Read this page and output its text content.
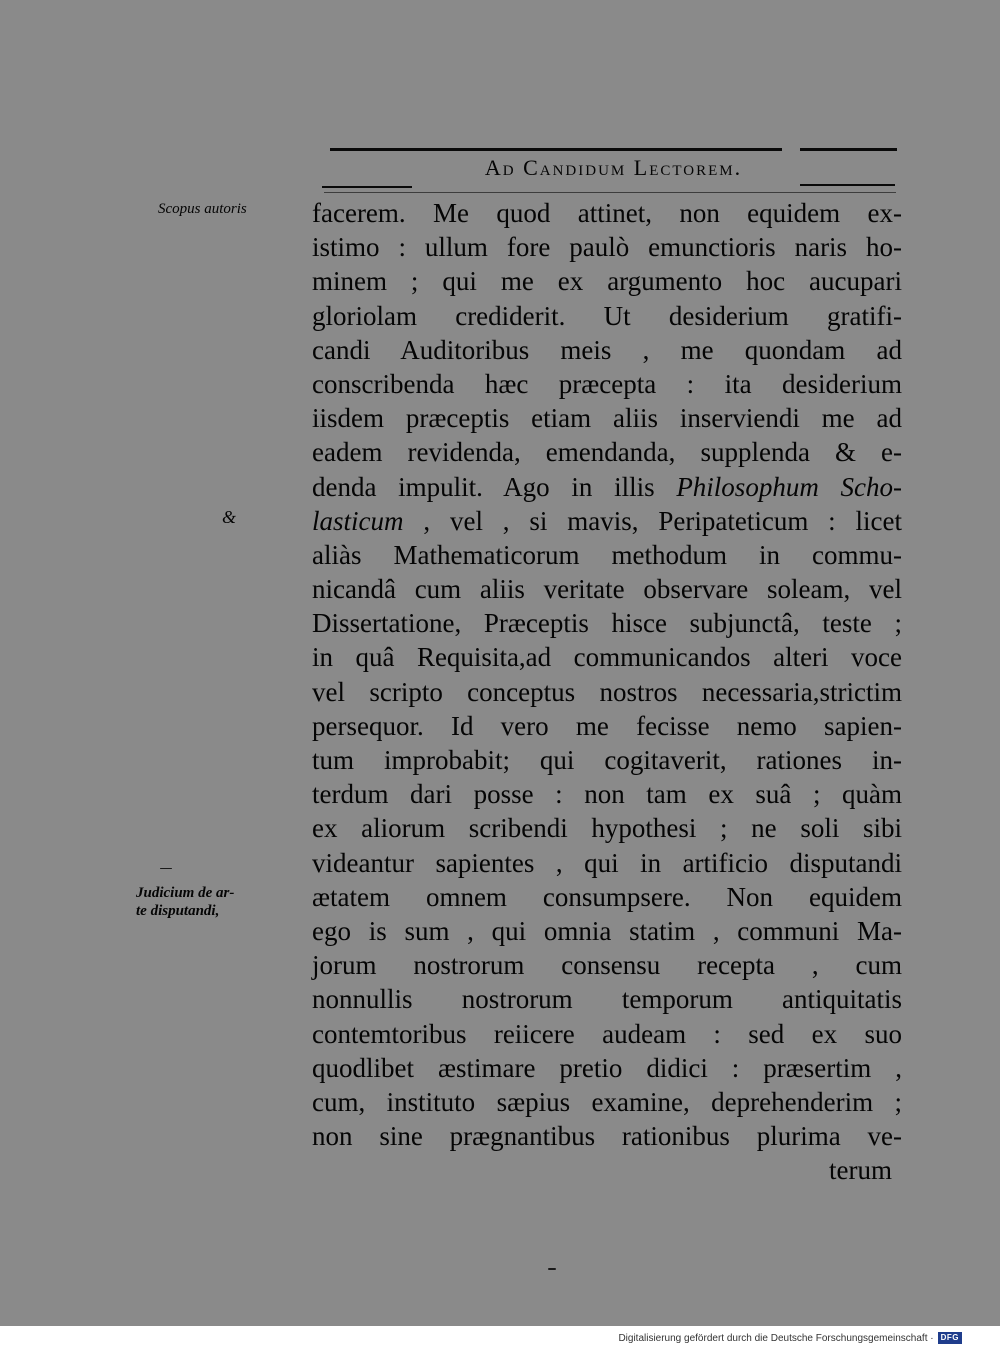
Ad Candidum Lectorem.
Scopus autoris
&
Judicium de ar-
te disputandi,
facerem. Me quod attinet, non equidem ex-
istimo : ullum fore paulò emunctioris naris ho-
minem ; qui me ex argumento hoc aucupari
gloriolam crediderit. Ut desiderium gratifi-
candi Auditoribus meis , me quondam ad
conscribenda hæc præcepta : ita desiderium
iisdem præceptis etiam aliis inserviendi me ad
eadem revidenda, emendanda, supplenda & e-
denda impulit. Ago in illis Philosophum Scho-
lasticum , vel , si mavis, Peripateticum : licet
aliàs Mathematicorum methodum in commu-
nicandâ cum aliis veritate observare soleam, vel
Dissertatione, Præceptis hisce subjunctâ, teste ;
in quâ Requisita,ad communicandos alteri voce
vel scripto conceptus nostros necessaria,strictim
persequor. Id vero me fecisse nemo sapien-
tum improbabit; qui cogitaverit, rationes in-
terdum dari posse : non tam ex suâ ; quàm
ex aliorum scribendi hypothesi ; ne soli sibi
videantur sapientes , qui in artificio disputandi
ætatem omnem consumpsere. Non equidem
ego is sum , qui omnia statim , communi Ma-
jorum nostrorum consensu recepta , cum
nonnullis nostrorum temporum antiquitatis
contemtoribus reiicere audeam : sed ex suo
quodlibet æstimare pretio didici : præsertim ,
cum, instituto sæpius examine, deprehenderim ;
non sine prægnantibus rationibus plurima ve-
terum
Digitalisierung gefördert durch die Deutsche Forschungsgemeinschaft · DFG
